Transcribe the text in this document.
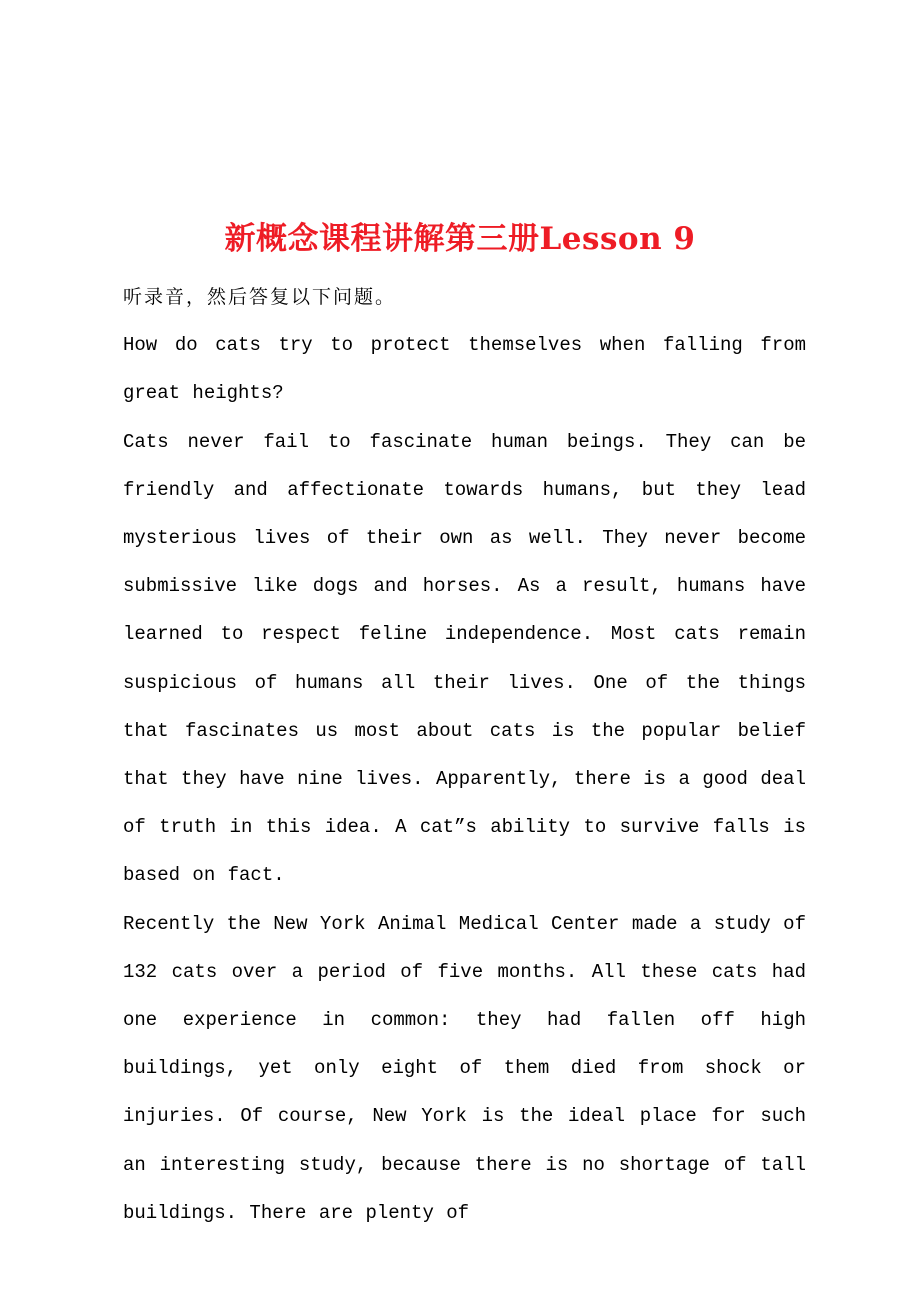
新概念课程讲解第三册Lesson 9

听录音，然后答复以下问题。

How do cats try to protect themselves when falling from great heights?

Cats never fail to fascinate human beings. They can be friendly and affectionate towards humans, but they lead mysterious lives of their own as well. They never become submissive like dogs and horses. As a result, humans have learned to respect feline independence. Most cats remain suspicious of humans all their lives. One of the things that fascinates us most about cats is the popular belief that they have nine lives. Apparently, there is a good deal of truth in this idea. A cat”s ability to survive falls is based on fact.

Recently the New York Animal Medical Center made a study of 132 cats over a period of five months. All these cats had one experience in common: they had fallen off high buildings, yet only eight of them died from shock or injuries. Of course, New York is the ideal place for such an interesting study, because there is no shortage of tall buildings. There are plenty of
